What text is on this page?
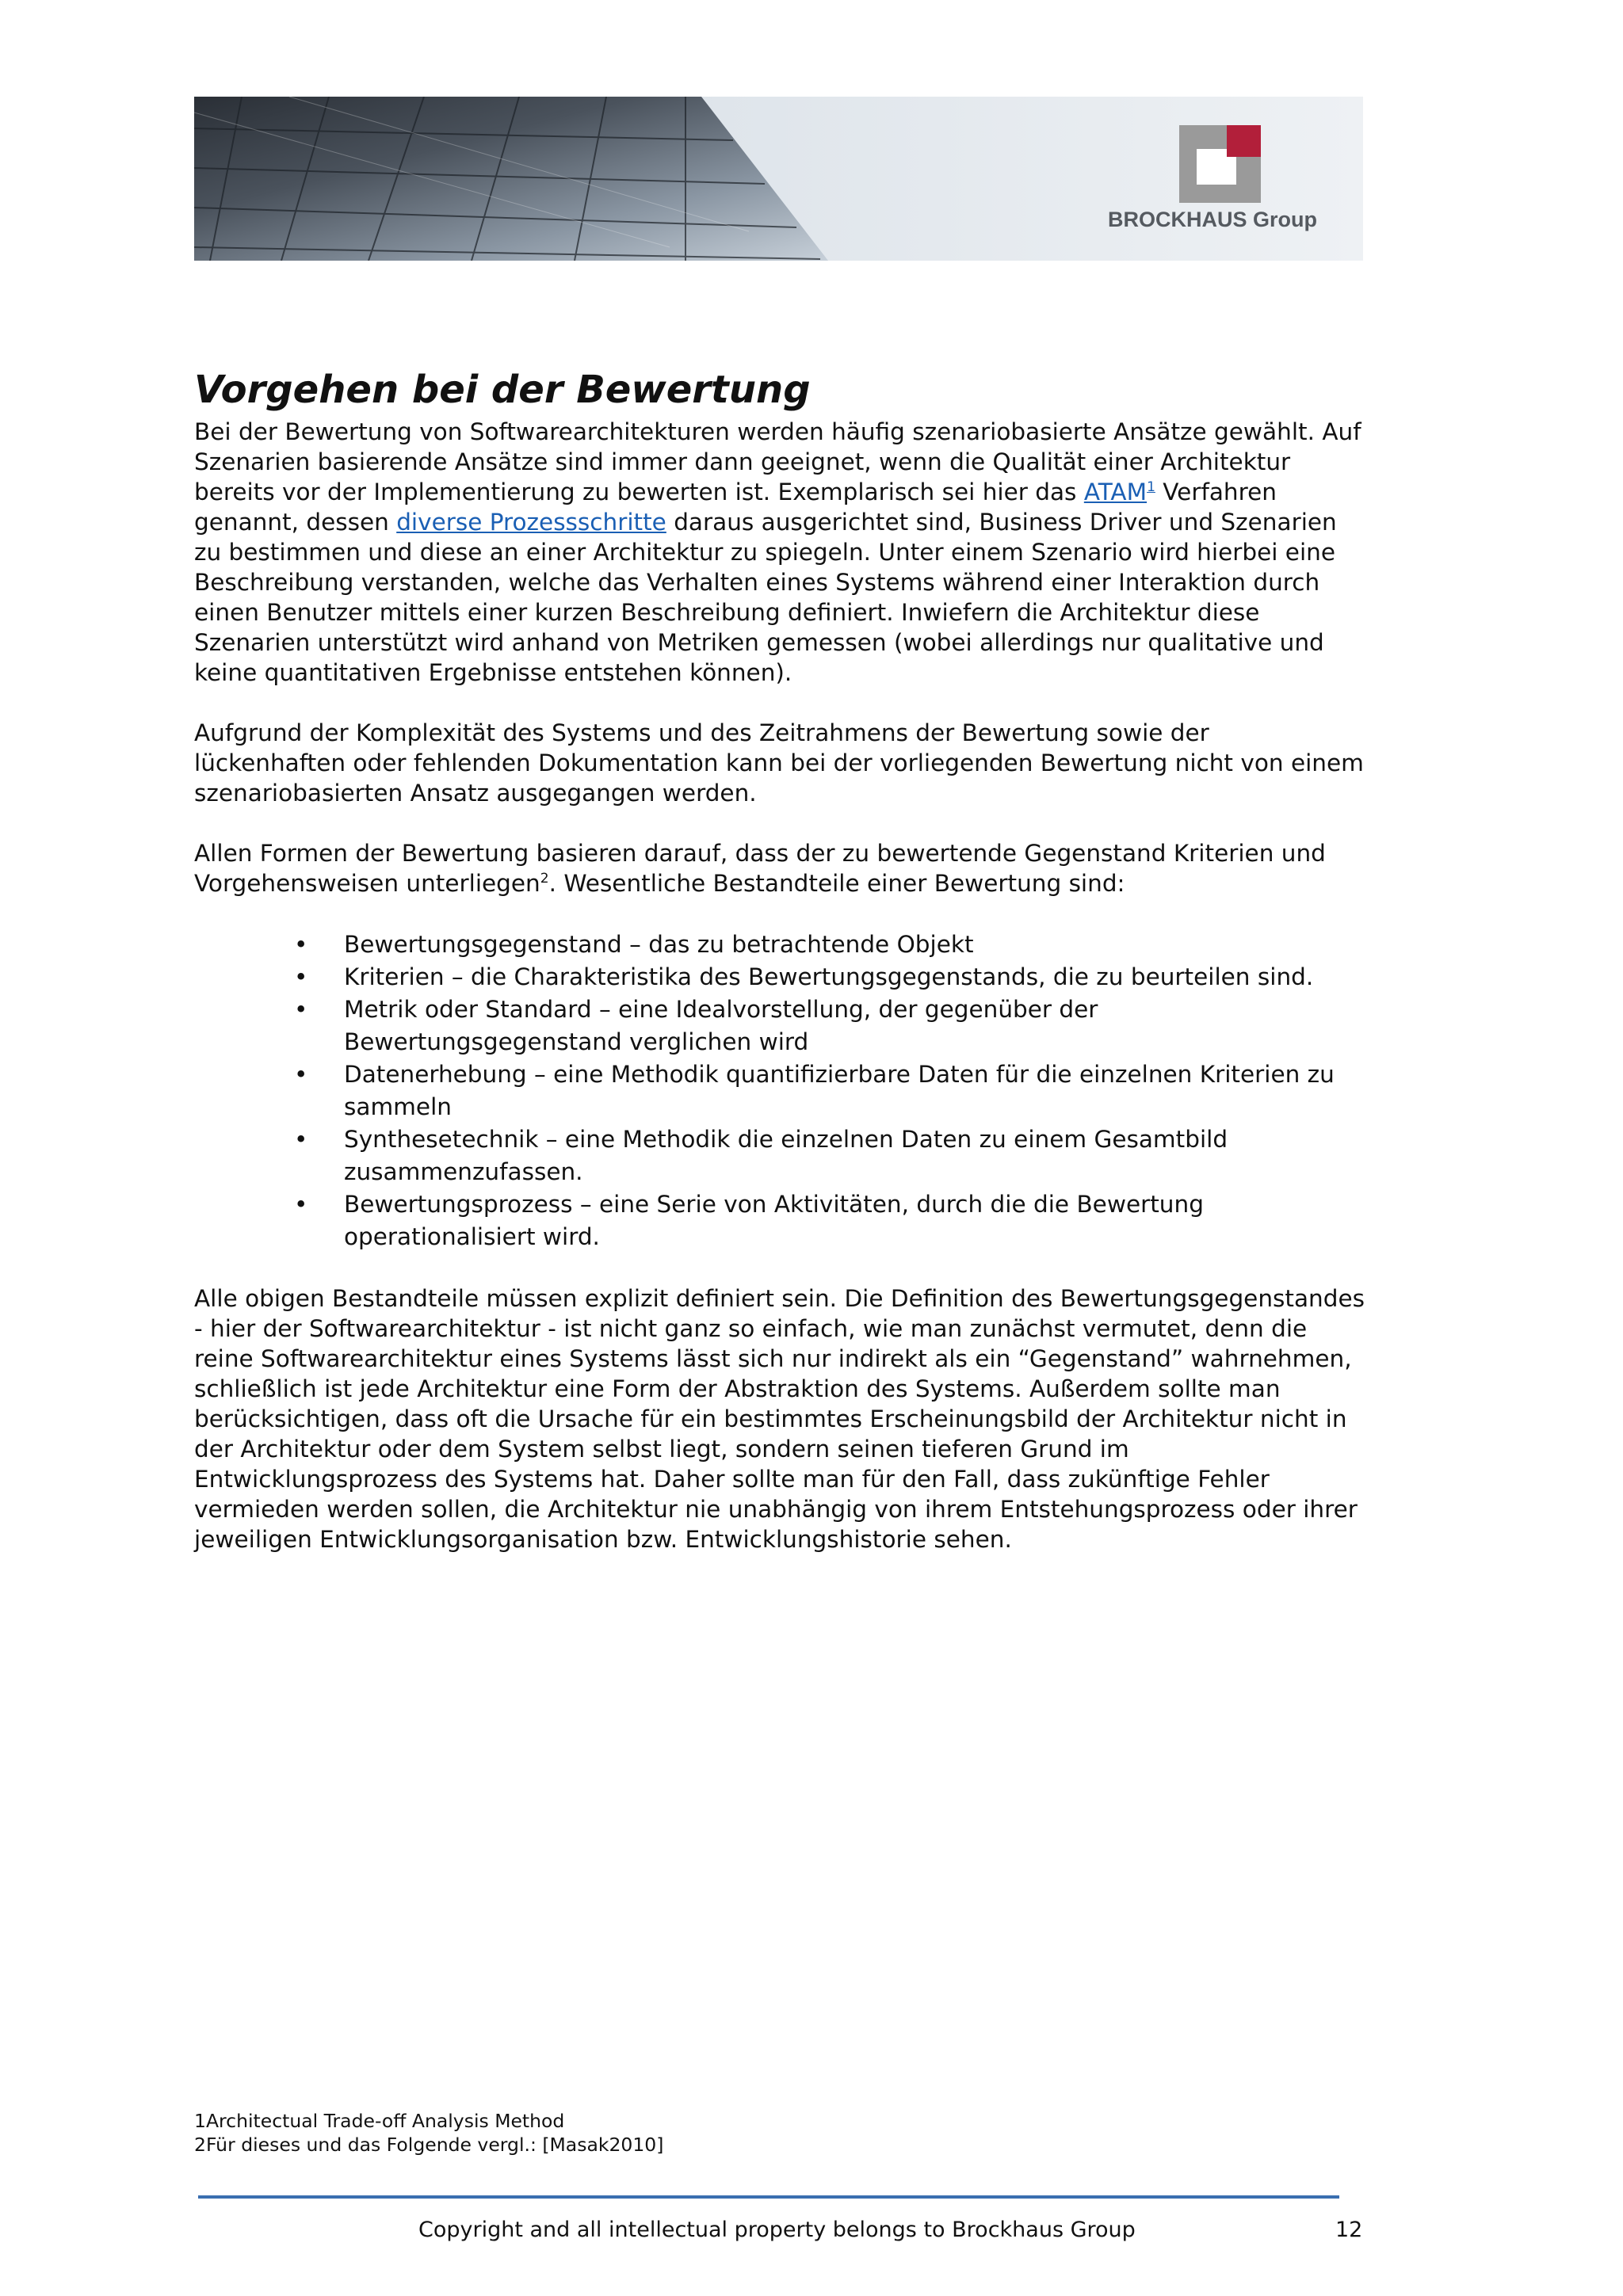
BROCKHAUS Group
Vorgehen bei der Bewertung

Bei der Bewertung von Softwarearchitekturen werden häufig szenariobasierte Ansätze gewählt. Auf Szenarien basierende Ansätze sind immer dann geeignet, wenn die Qualität einer Architektur bereits vor der Implementierung zu bewerten ist. Exemplarisch sei hier das ATAM$^1$ Verfahren genannt, dessen diverse Prozessschritte daraus ausgerichtet sind, Business Driver und Szenarien zu bestimmen und diese an einer Architektur zu spiegeln. Unter einem Szenario wird hierbei eine Beschreibung verstanden, welche das Verhalten eines Systems während einer Interaktion durch einen Benutzer mittels einer kurzen Beschreibung definiert. Inwiefern die Architektur diese Szenarien unterstützt wird anhand von Metriken gemessen (wobei allerdings nur qualitative und keine quantitativen Ergebnisse entstehen können).

Aufgrund der Komplexität des Systems und des Zeitrahmens der Bewertung sowie der lückenhaften oder fehlenden Dokumentation kann bei der vorliegenden Bewertung nicht von einem szenariobasierten Ansatz ausgegangen werden.

Allen Formen der Bewertung basieren darauf, dass der zu bewertende Gegenstand Kriterien und Vorgehensweisen unterliegen$^2$. Wesentliche Bestandteile einer Bewertung sind:

• Bewertungsgegenstand – das zu betrachtende Objekt
• Kriterien – die Charakteristika des Bewertungsgegenstands, die zu beurteilen sind.
• Metrik oder Standard – eine Idealvorstellung, der gegenüber der Bewertungsgegenstand verglichen wird
• Datenerhebung – eine Methodik quantifizierbare Daten für die einzelnen Kriterien zu sammeln
• Synthesetechnik – eine Methodik die einzelnen Daten zu einem Gesamtbild zusammenzufassen.
• Bewertungsprozess – eine Serie von Aktivitäten, durch die die Bewertung operationalisiert wird.

Alle obigen Bestandteile müssen explizit definiert sein. Die Definition des Bewertungsgegenstandes - hier der Softwarearchitektur - ist nicht ganz so einfach, wie man zunächst vermutet, denn die reine Softwarearchitektur eines Systems lässt sich nur indirekt als ein “Gegenstand” wahrnehmen, schließlich ist jede Architektur eine Form der Abstraktion des Systems. Außerdem sollte man berücksichtigen, dass oft die Ursache für ein bestimmtes Erscheinungsbild der Architektur nicht in der Architektur oder dem System selbst liegt, sondern seinen tieferen Grund im Entwicklungsprozess des Systems hat. Daher sollte man für den Fall, dass zukünftige Fehler vermieden werden sollen, die Architektur nie unabhängig von ihrem Entstehungsprozess oder ihrer jeweiligen Entwicklungsorganisation bzw. Entwicklungshistorie sehen.

1Architectual Trade-off Analysis Method
2Für dieses und das Folgende vergl.: [Masak2010]
Copyright and all intellectual property belongs to Brockhaus Group	12
